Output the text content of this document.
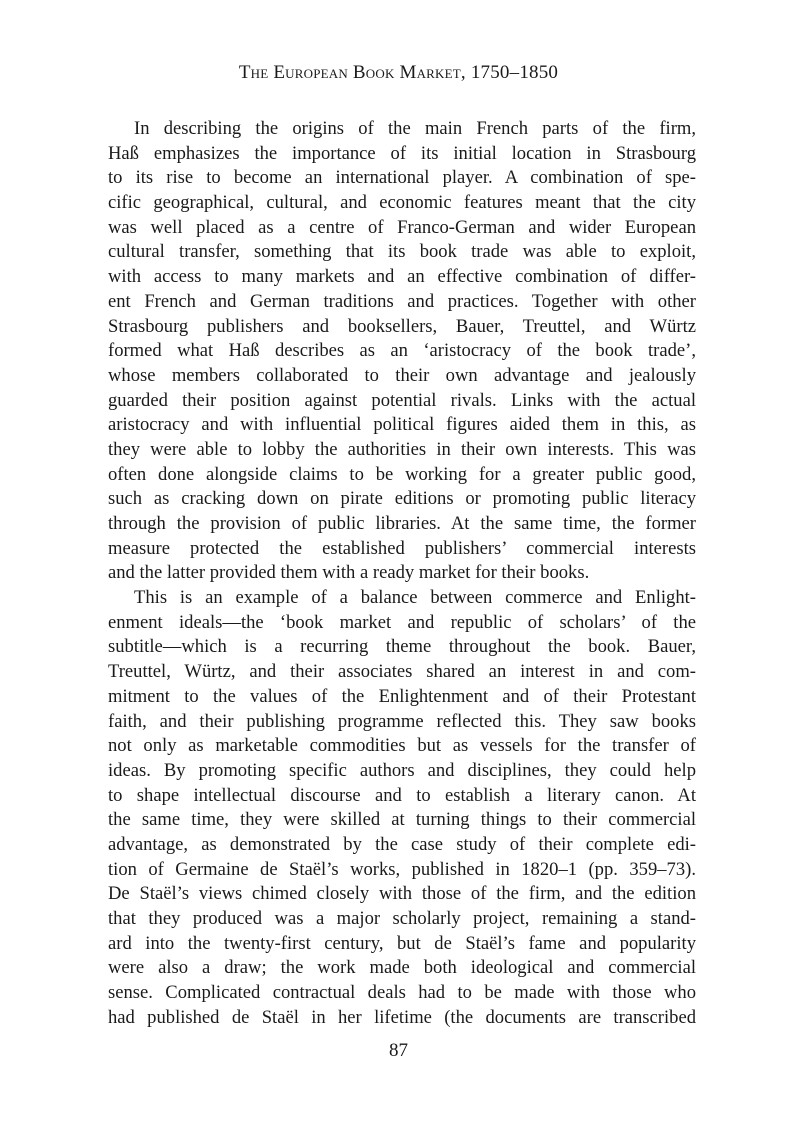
The European Book Market, 1750–1850
In describing the origins of the main French parts of the firm,
Haß emphasizes the importance of its initial location in Strasbourg
to its rise to become an international player. A combination of spe-
cific geographical, cultural, and economic features meant that the city
was well placed as a centre of Franco-German and wider European
cultural transfer, something that its book trade was able to exploit,
with access to many markets and an effective combination of differ-
ent French and German traditions and practices. Together with other
Strasbourg publishers and booksellers, Bauer, Treuttel, and Würtz
formed what Haß describes as an ‘aristocracy of the book trade’,
whose members collaborated to their own advantage and jealously
guarded their position against potential rivals. Links with the actual
aristocracy and with influential political figures aided them in this, as
they were able to lobby the authorities in their own interests. This was
often done alongside claims to be working for a greater public good,
such as cracking down on pirate editions or promoting public literacy
through the provision of public libraries. At the same time, the former
measure protected the established publishers’ commercial interests
and the latter provided them with a ready market for their books.
This is an example of a balance between commerce and Enlight-
enment ideals—the ‘book market and republic of scholars’ of the
subtitle—which is a recurring theme throughout the book. Bauer,
Treuttel, Würtz, and their associates shared an interest in and com-
mitment to the values of the Enlightenment and of their Protestant
faith, and their publishing programme reflected this. They saw books
not only as marketable commodities but as vessels for the transfer of
ideas. By promoting specific authors and disciplines, they could help
to shape intellectual discourse and to establish a literary canon. At
the same time, they were skilled at turning things to their commercial
advantage, as demonstrated by the case study of their complete edi-
tion of Germaine de Staël’s works, published in 1820–1 (pp. 359–73).
De Staël’s views chimed closely with those of the firm, and the edition
that they produced was a major scholarly project, remaining a stand-
ard into the twenty-first century, but de Staël’s fame and popularity
were also a draw; the work made both ideological and commercial
sense. Complicated contractual deals had to be made with those who
had published de Staël in her lifetime (the documents are transcribed
87
